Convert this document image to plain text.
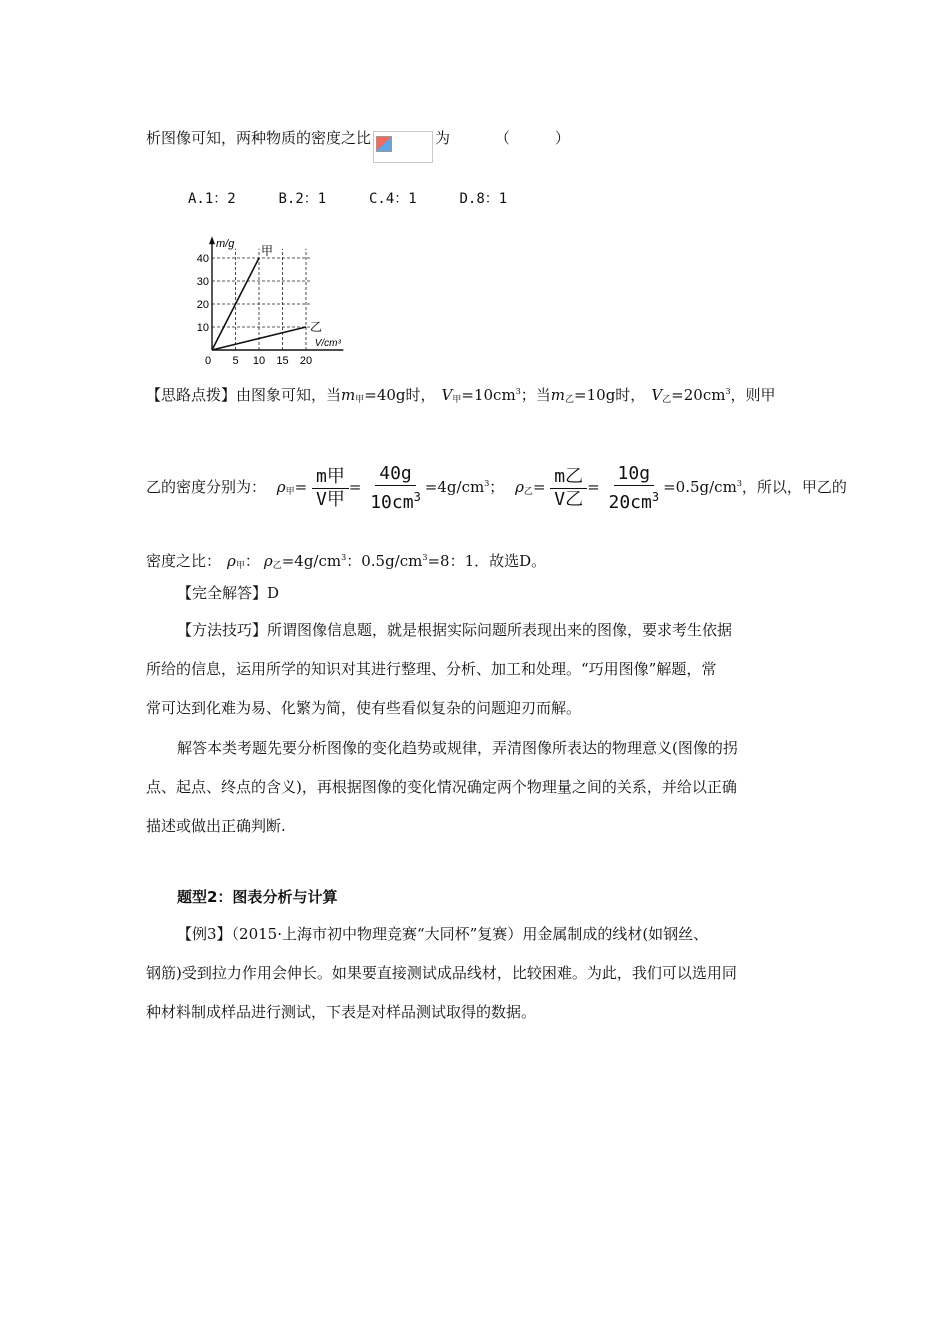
析图像可知，两种物质的密度之比	为	（　　　）
A.1：2	B.2：1	C.4：1	D.8：1
甲
乙
10
20
30
40
5 10 15 20
0
m/g
V/cm³
【思路点拨】由图象可知，当$m_甲=40g$时， $V_甲=10cm^3$；当$m_乙=10g$时， $V_乙=20cm^3$，则甲
乙的密度分别为： $\rho_甲= \frac{\text{m甲}}{\text{V甲}} = \frac{40g}{10cm^3} =4g/cm^3$； $\rho_乙= \frac{\text{m乙}}{\text{V乙}} = \frac{10g}{20cm^3} =0.5g/cm^3$，所以，甲乙的
密度之比： $\rho_甲$： $\rho_乙=4g/cm^3$：$0.5g/cm^3=8$：1．故选D。
【完全解答】D
【方法技巧】所谓图像信息题，就是根据实际问题所表现出来的图像，要求考生依据
所给的信息，运用所学的知识对其进行整理、分析、加工和处理。“巧用图像”解题，常
常可达到化难为易、化繁为简，使有些看似复杂的问题迎刃而解。
解答本类考题先要分析图像的变化趋势或规律，弄清图像所表达的物理意义(图像的拐
点、起点、终点的含义)，再根据图像的变化情况确定两个物理量之间的关系，并给以正确
描述或做出正确判断.
题型2：图表分析与计算
【例3】（2015·上海市初中物理竞赛“大同杯”复赛）用金属制成的线材(如钢丝、
钢筋)受到拉力作用会伸长。如果要直接测试成品线材，比较困难。为此，我们可以选用同
种材料制成样品进行测试，下表是对样品测试取得的数据。
